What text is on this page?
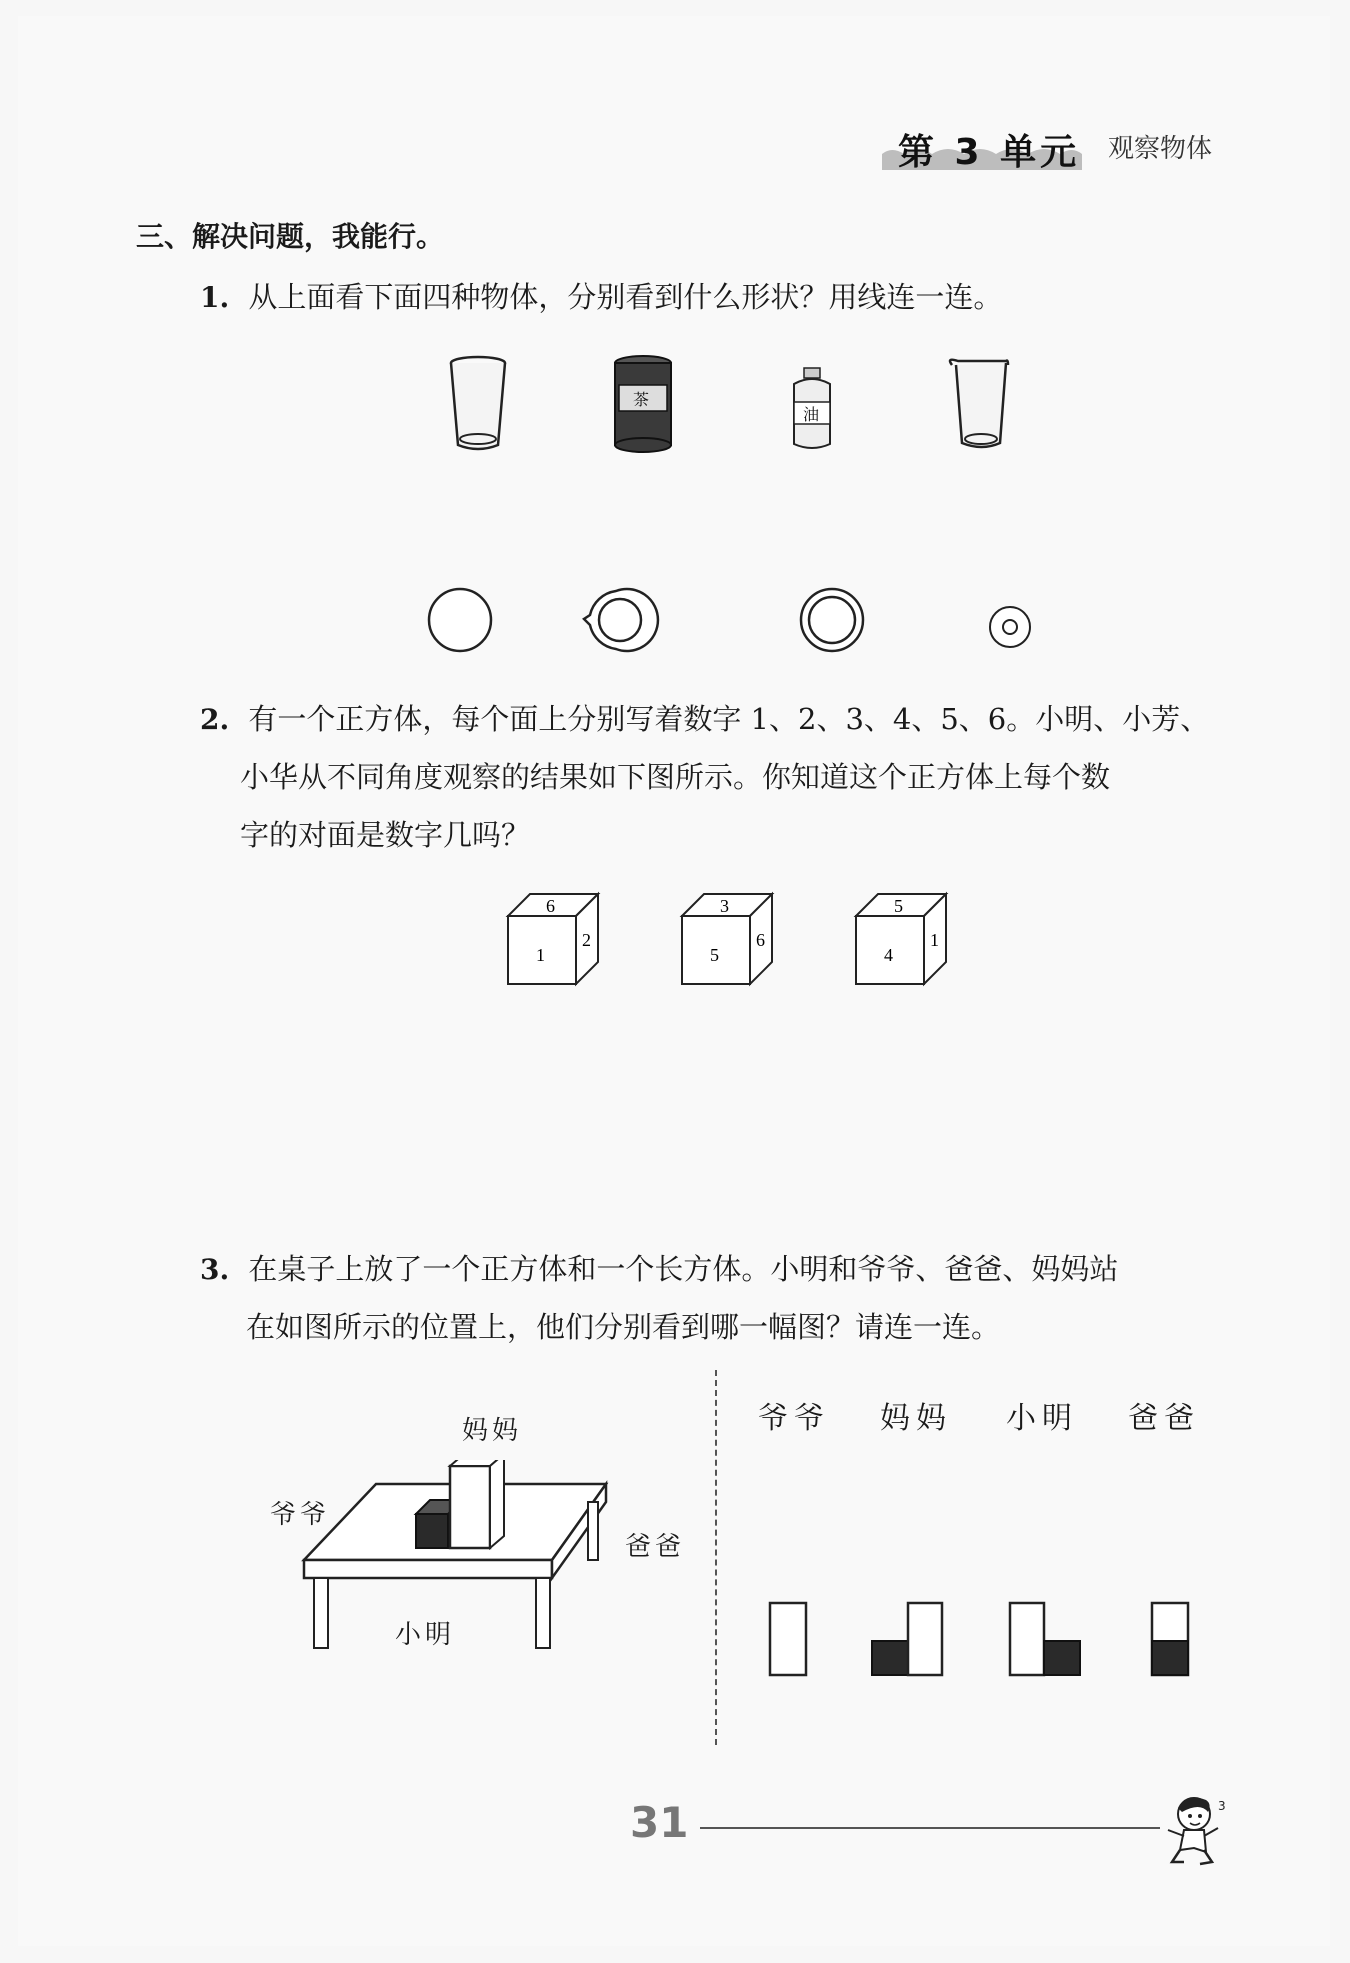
第 3 单元 观察物体
三、解决问题，我能行。
1. 从上面看下面四种物体，分别看到什么形状？用线连一连。
茶
油
2. 有一个正方体，每个面上分别写着数字 1、2、3、4、5、6。小明、小芳、
小华从不同角度观察的结果如下图所示。你知道这个正方体上每个数
字的对面是数字几吗？
6
1
2
3
5
6
5
4
1
3. 在桌子上放了一个正方体和一个长方体。小明和爷爷、爸爸、妈妈站
在如图所示的位置上，他们分别看到哪一幅图？请连一连。
妈妈
爷爷
爸爸
小明
爷爷 妈妈 小明 爸爸
31	3
